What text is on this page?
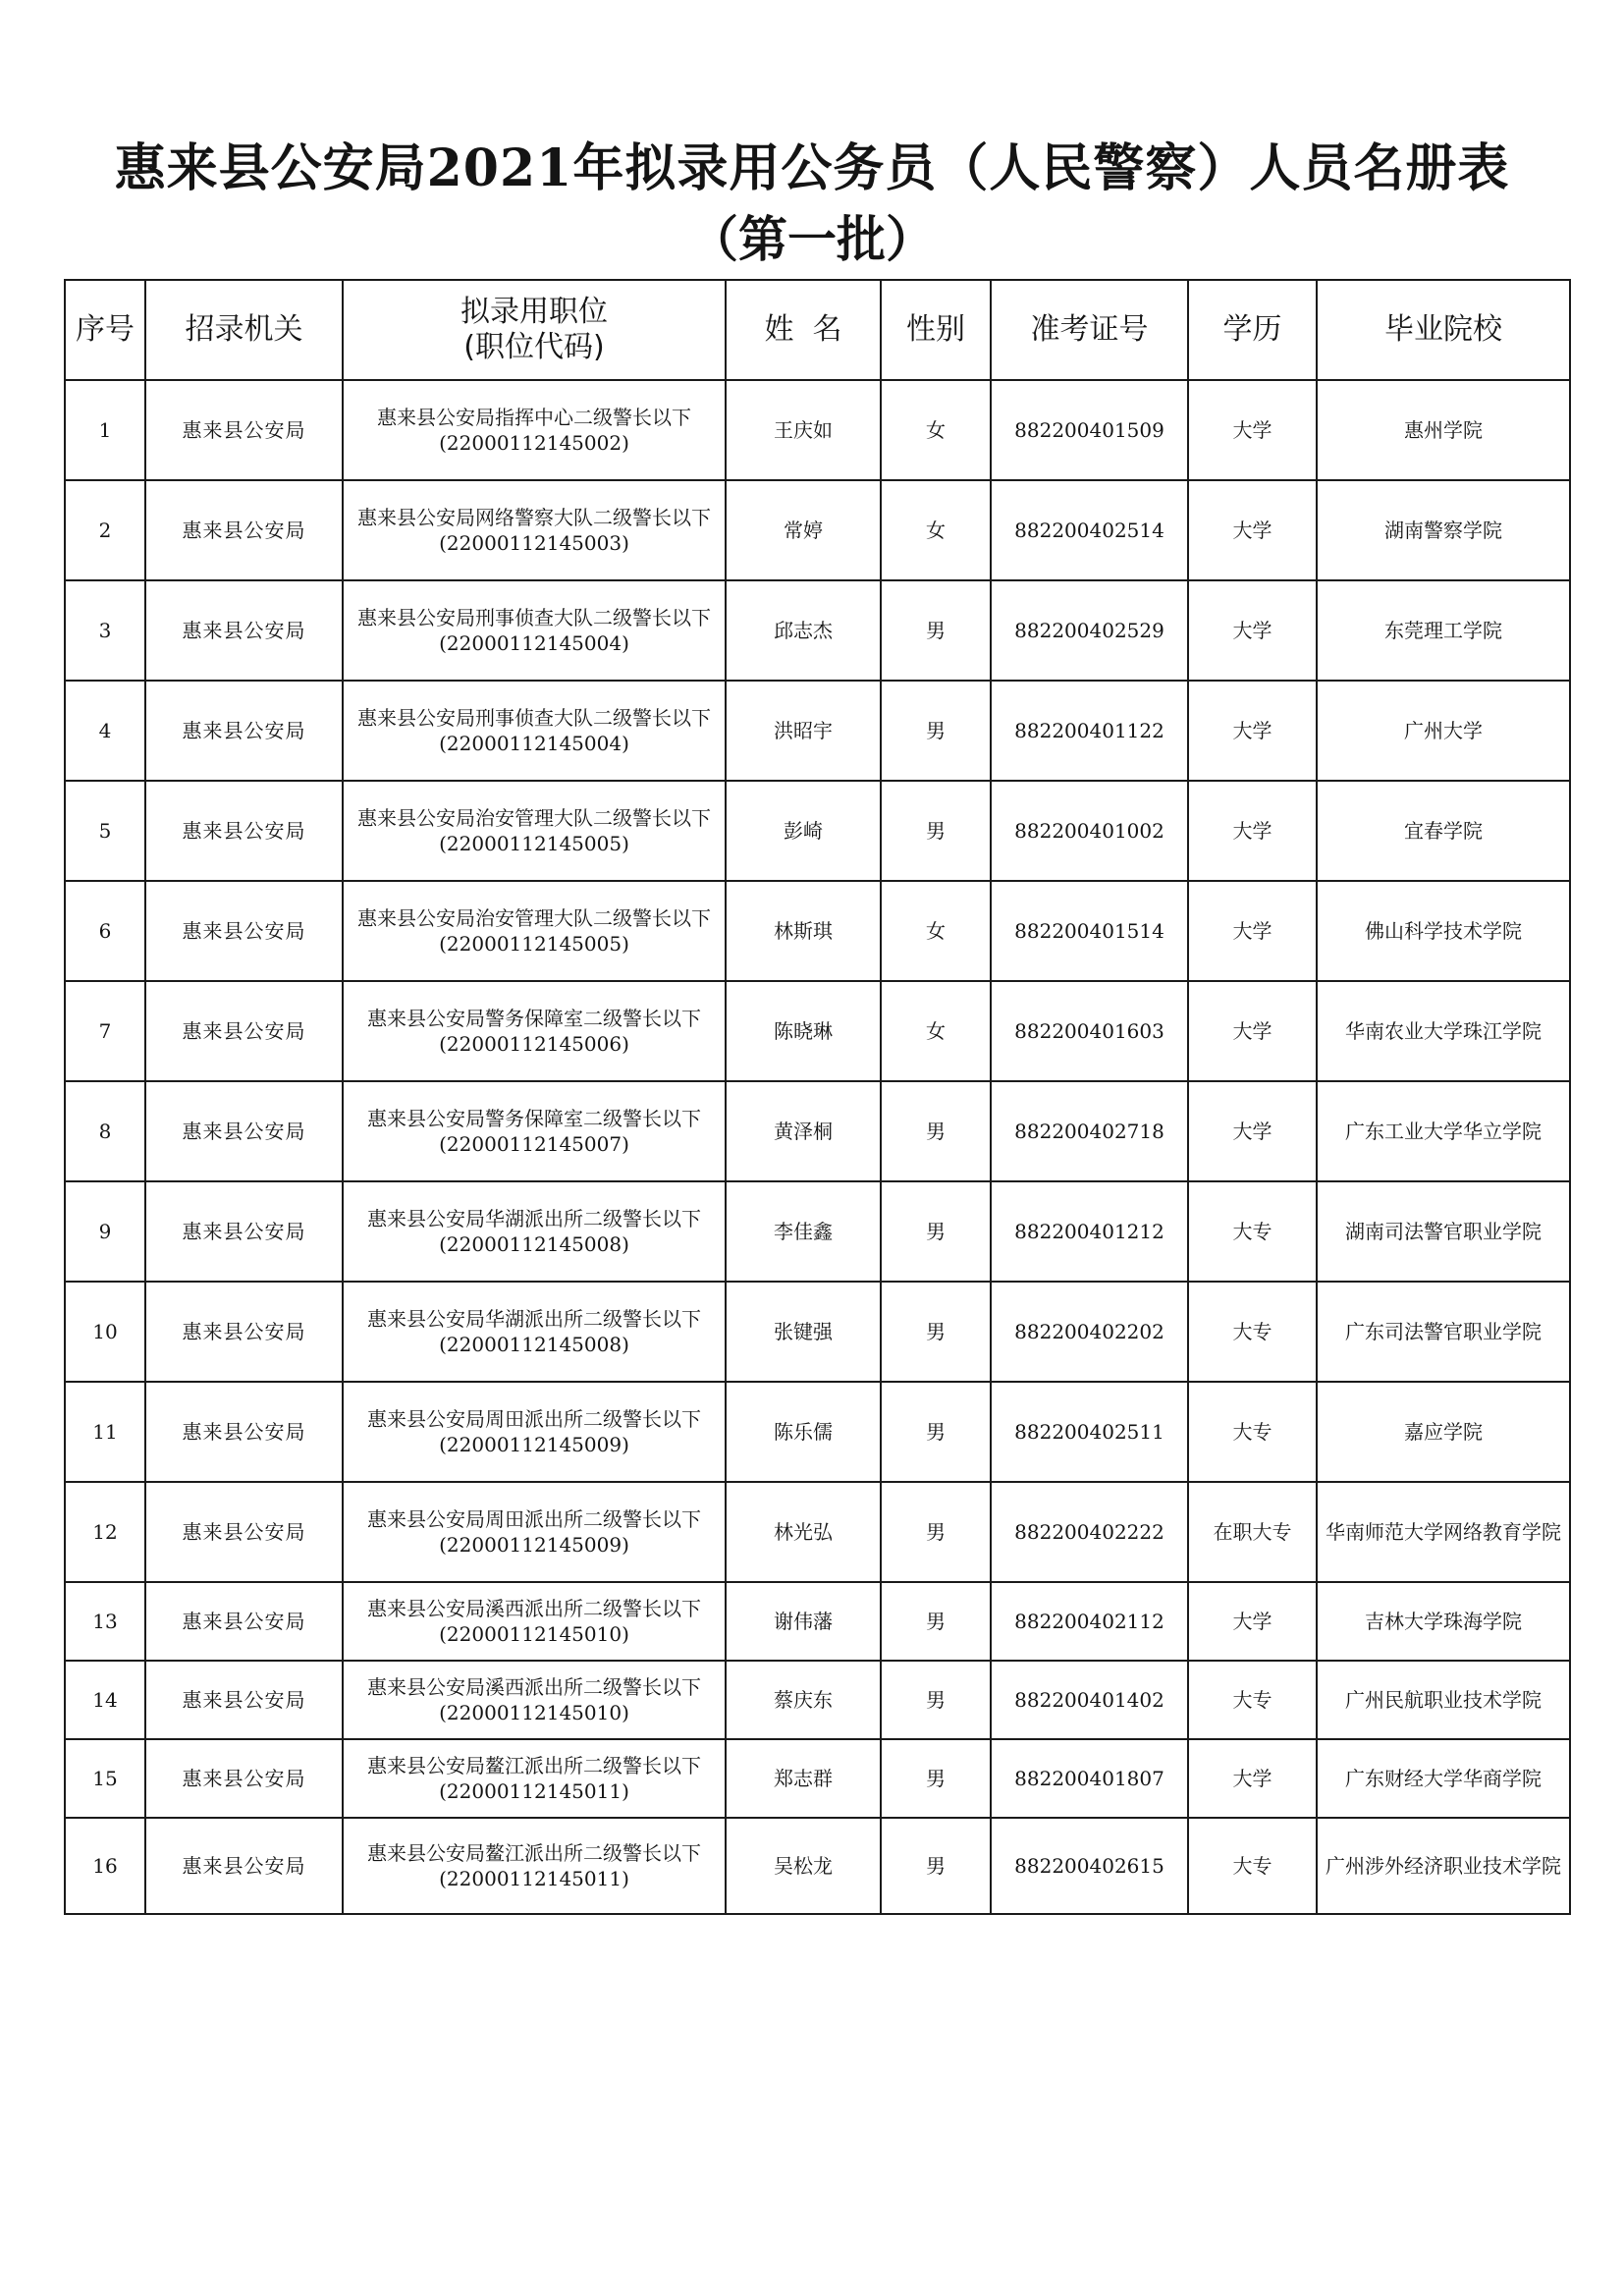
惠来县公安局2021年拟录用公务员（人民警察）人员名册表
（第一批）
序号	招录机关	拟录用职位
(职位代码)	姓  名	性别	准考证号	学历	毕业院校
1	惠来县公安局	惠来县公安局指挥中心二级警长以下
(22000112145002)	王庆如	女	882200401509	大学	惠州学院
2	惠来县公安局	惠来县公安局网络警察大队二级警长以下
(22000112145003)	常婷	女	882200402514	大学	湖南警察学院
3	惠来县公安局	惠来县公安局刑事侦查大队二级警长以下
(22000112145004)	邱志杰	男	882200402529	大学	东莞理工学院
4	惠来县公安局	惠来县公安局刑事侦查大队二级警长以下
(22000112145004)	洪昭宇	男	882200401122	大学	广州大学
5	惠来县公安局	惠来县公安局治安管理大队二级警长以下
(22000112145005)	彭崎	男	882200401002	大学	宜春学院
6	惠来县公安局	惠来县公安局治安管理大队二级警长以下
(22000112145005)	林斯琪	女	882200401514	大学	佛山科学技术学院
7	惠来县公安局	惠来县公安局警务保障室二级警长以下
(22000112145006)	陈晓琳	女	882200401603	大学	华南农业大学珠江学院
8	惠来县公安局	惠来县公安局警务保障室二级警长以下
(22000112145007)	黄泽桐	男	882200402718	大学	广东工业大学华立学院
9	惠来县公安局	惠来县公安局华湖派出所二级警长以下
(22000112145008)	李佳鑫	男	882200401212	大专	湖南司法警官职业学院
10	惠来县公安局	惠来县公安局华湖派出所二级警长以下
(22000112145008)	张键强	男	882200402202	大专	广东司法警官职业学院
11	惠来县公安局	惠来县公安局周田派出所二级警长以下
(22000112145009)	陈乐儒	男	882200402511	大专	嘉应学院
12	惠来县公安局	惠来县公安局周田派出所二级警长以下
(22000112145009)	林光弘	男	882200402222	在职大专	华南师范大学网络教育学院
13	惠来县公安局	惠来县公安局溪西派出所二级警长以下
(22000112145010)	谢伟藩	男	882200402112	大学	吉林大学珠海学院
14	惠来县公安局	惠来县公安局溪西派出所二级警长以下
(22000112145010)	蔡庆东	男	882200401402	大专	广州民航职业技术学院
15	惠来县公安局	惠来县公安局鳌江派出所二级警长以下
(22000112145011)	郑志群	男	882200401807	大学	广东财经大学华商学院
16	惠来县公安局	惠来县公安局鳌江派出所二级警长以下
(22000112145011)	吴松龙	男	882200402615	大专	广州涉外经济职业技术学院
